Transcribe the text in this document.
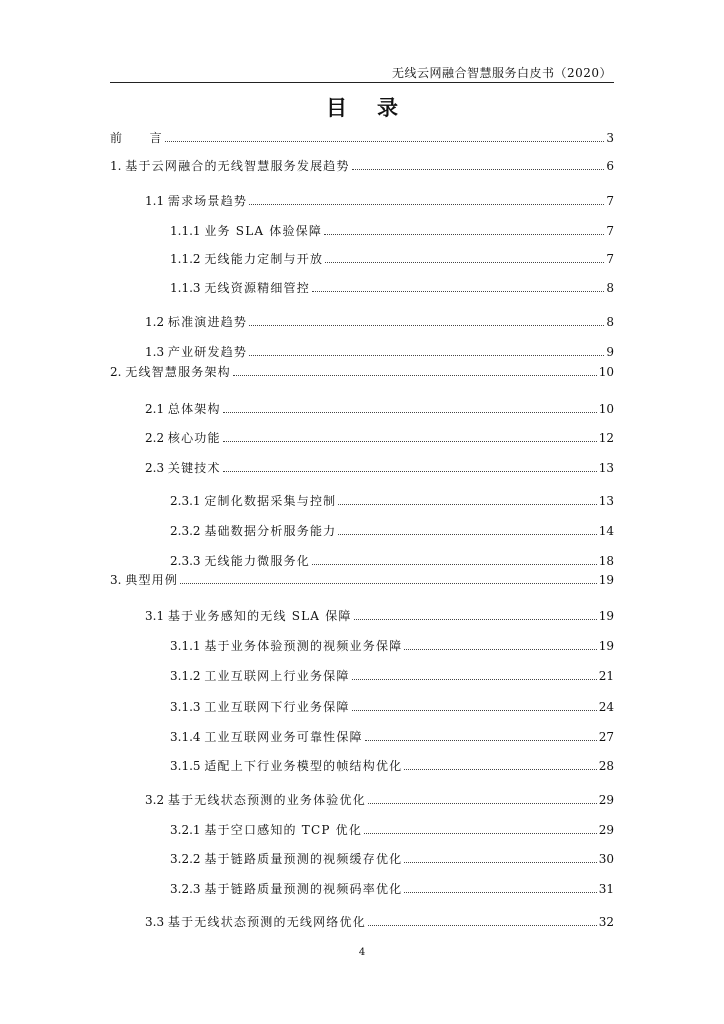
无线云网融合智慧服务白皮书（2020）
目录
前　　言	3
1. 基于云网融合的无线智慧服务发展趋势	6
1.1 需求场景趋势	7
1.1.1 业务 SLA 体验保障	7
1.1.2 无线能力定制与开放	7
1.1.3 无线资源精细管控	8
1.2 标准演进趋势	8
1.3 产业研发趋势	9
2. 无线智慧服务架构	10
2.1 总体架构	10
2.2 核心功能	12
2.3 关键技术	13
2.3.1 定制化数据采集与控制	13
2.3.2 基础数据分析服务能力	14
2.3.3 无线能力微服务化	18
3. 典型用例	19
3.1 基于业务感知的无线 SLA 保障	19
3.1.1 基于业务体验预测的视频业务保障	19
3.1.2 工业互联网上行业务保障	21
3.1.3 工业互联网下行业务保障	24
3.1.4 工业互联网业务可靠性保障	27
3.1.5 适配上下行业务模型的帧结构优化	28
3.2 基于无线状态预测的业务体验优化	29
3.2.1 基于空口感知的 TCP 优化	29
3.2.2 基于链路质量预测的视频缓存优化	30
3.2.3 基于链路质量预测的视频码率优化	31
3.3 基于无线状态预测的无线网络优化	32
4
